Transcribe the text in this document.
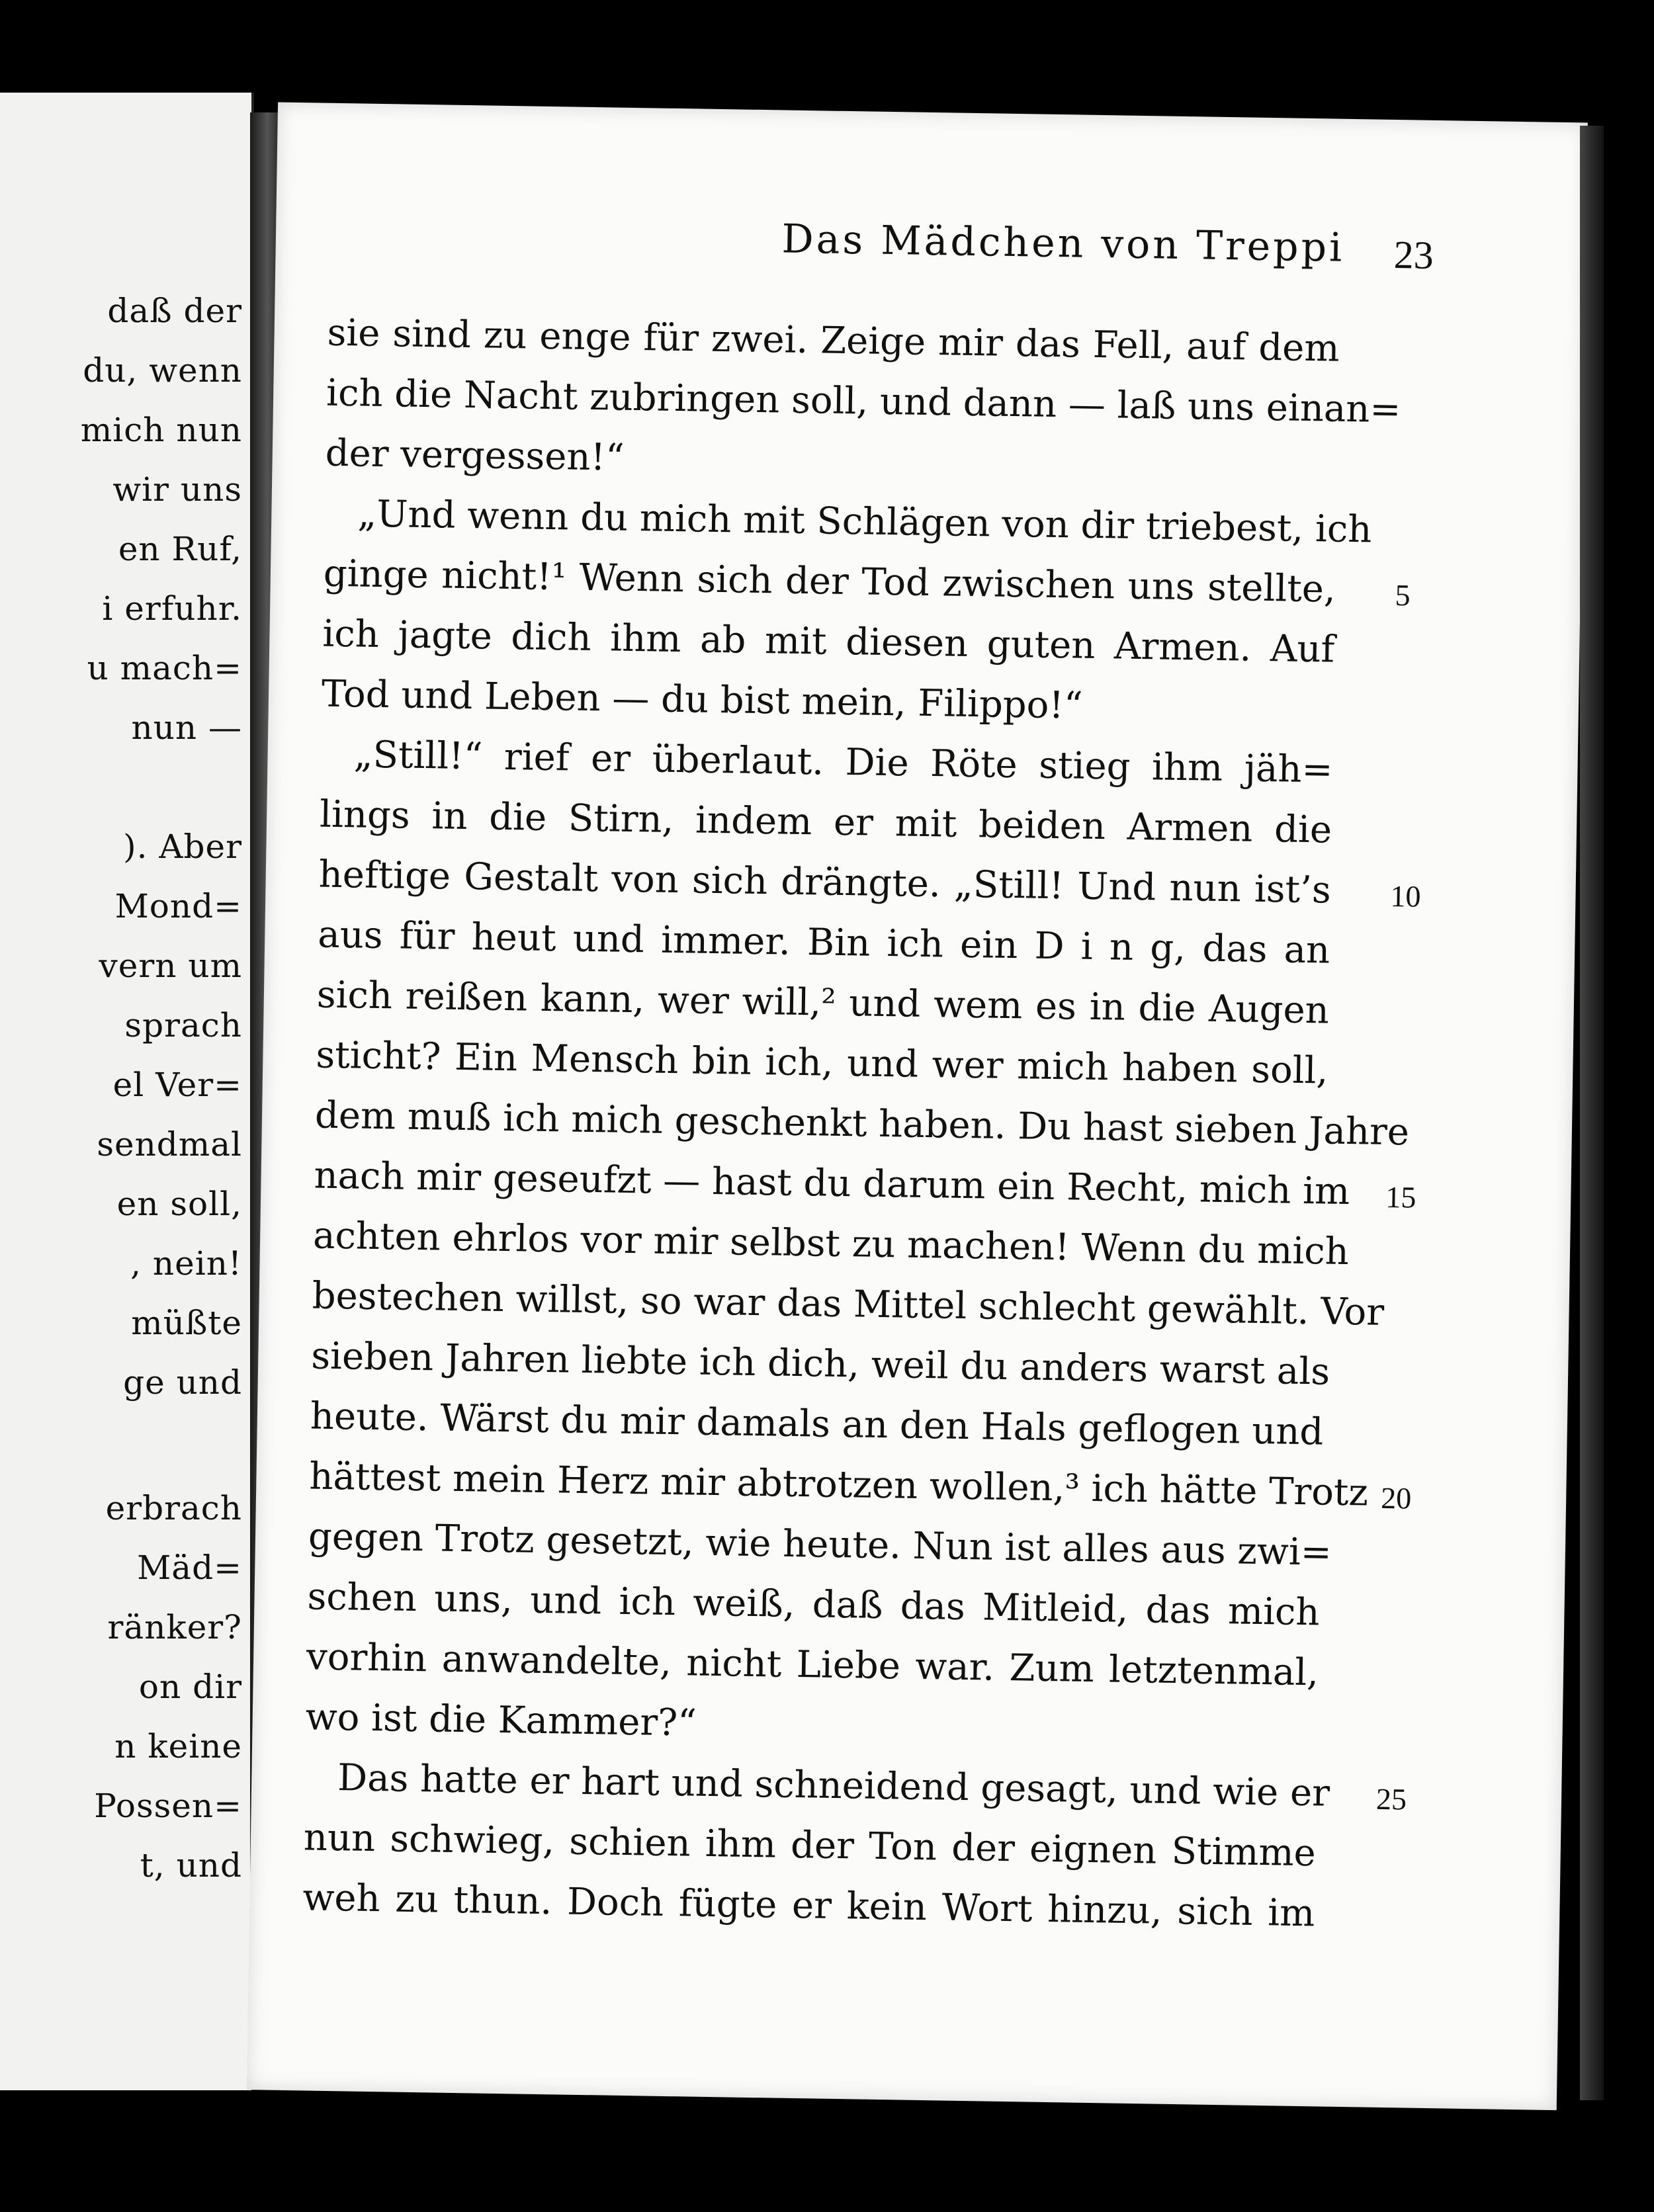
daß der
du, wenn
mich nun
wir uns
en Ruf,
i erfuhr.
u mach=
nun —
). Aber
Mond=
vern um
sprach
el Ver=
sendmal
en soll,
, nein!
müßte
ge und
erbrach
Mäd=
ränker?
on dir
n keine
Possen=
t, und
Das Mädchen von Treppi	23
sie sind zu enge für zwei. Zeige mir das Fell, auf dem
ich die Nacht zubringen soll, und dann — laß uns einan=
der vergessen!“
„Und wenn du mich mit Schlägen von dir triebest, ich
ginge nicht!¹ Wenn sich der Tod zwischen uns stellte,
ich jagte dich ihm ab mit diesen guten Armen. Auf
Tod und Leben — du bist mein, Filippo!“
„Still!“ rief er überlaut. Die Röte stieg ihm jäh=
lings in die Stirn, indem er mit beiden Armen die
heftige Gestalt von sich drängte. „Still! Und nun ist’s
aus für heut und immer. Bin ich ein D i n g, das an
sich reißen kann, wer will,² und wem es in die Augen
sticht? Ein Mensch bin ich, und wer mich haben soll,
dem muß ich mich geschenkt haben. Du hast sieben Jahre
nach mir geseufzt — hast du darum ein Recht, mich im
achten ehrlos vor mir selbst zu machen! Wenn du mich
bestechen willst, so war das Mittel schlecht gewählt. Vor
sieben Jahren liebte ich dich, weil du anders warst als
heute. Wärst du mir damals an den Hals geflogen und
hättest mein Herz mir abtrotzen wollen,³ ich hätte Trotz
gegen Trotz gesetzt, wie heute. Nun ist alles aus zwi=
schen uns, und ich weiß, daß das Mitleid, das mich
vorhin anwandelte, nicht Liebe war. Zum letztenmal,
wo ist die Kammer?“
Das hatte er hart und schneidend gesagt, und wie er
nun schwieg, schien ihm der Ton der eignen Stimme
weh zu thun. Doch fügte er kein Wort hinzu, sich im
5
10
15
20
25
